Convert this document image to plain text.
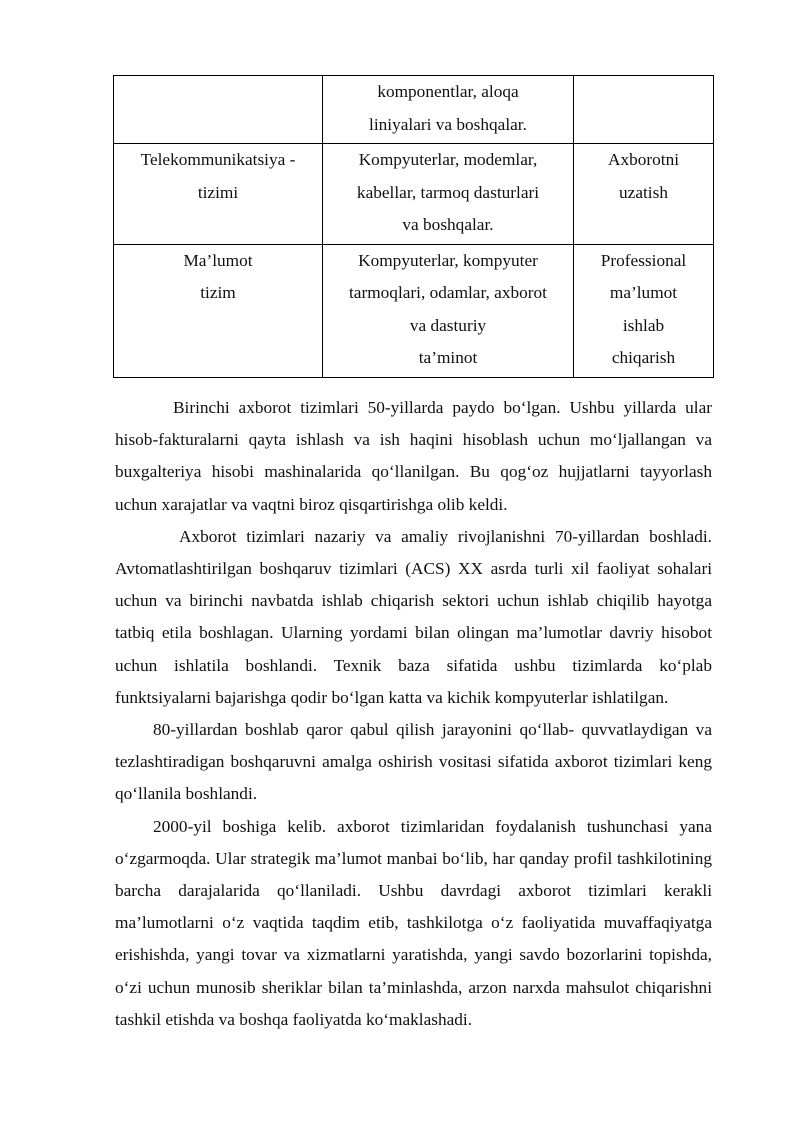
	komponentlar, aloqa
liniyalari va boshqalar.	

Telekommunikatsiya -
tizimi	Kompyuterlar, modemlar,
kabellar, tarmoq dasturlari
va boshqalar.	Axborotni
uzatish

Ma’lumot
tizim	Kompyuterlar, kompyuter
tarmoqlari, odamlar, axborot
va dasturiy
ta’minot	Professional
ma’lumot
ishlab
chiqarish

Birinchi axborot tizimlari 50-yillarda paydo bo‘lgan. Ushbu yillarda ular hisob-fakturalarni qayta ishlash va ish haqini hisoblash uchun mo‘ljallangan va buxgalteriya hisobi mashinalarida qo‘llanilgan. Bu qog‘oz hujjatlarni tayyorlash uchun xarajatlar va vaqtni biroz qisqartirishga olib keldi.

Axborot tizimlari nazariy va amaliy rivojlanishni 70-yillardan boshladi. Avtomatlashtirilgan boshqaruv tizimlari (ACS) XX asrda turli xil faoliyat sohalari uchun va birinchi navbatda ishlab chiqarish sektori uchun ishlab chiqilib hayotga tatbiq etila boshlagan. Ularning yordami bilan olingan ma’lumotlar davriy hisobot uchun ishlatila boshlandi. Texnik baza sifatida ushbu tizimlarda ko‘plab funktsiyalarni bajarishga qodir bo‘lgan katta va kichik kompyuterlar ishlatilgan.

80-yillardan boshlab qaror qabul qilish jarayonini qo‘llab- quvvatlaydigan va tezlashtiradigan boshqaruvni amalga oshirish vositasi sifatida axborot tizimlari keng qo‘llanila boshlandi.

2000-yil boshiga kelib. axborot tizimlaridan foydalanish tushunchasi yana o‘zgarmoqda. Ular strategik ma’lumot manbai bo‘lib, har qanday profil tashkilotining barcha darajalarida qo‘llaniladi. Ushbu davrdagi axborot tizimlari kerakli ma’lumotlarni o‘z vaqtida taqdim etib, tashkilotga o‘z faoliyatida muvaffaqiyatga erishishda, yangi tovar va xizmatlarni yaratishda, yangi savdo bozorlarini topishda, o‘zi uchun munosib sheriklar bilan ta’minlashda, arzon narxda mahsulot chiqarishni tashkil etishda va boshqa faoliyatda ko‘maklashadi.
